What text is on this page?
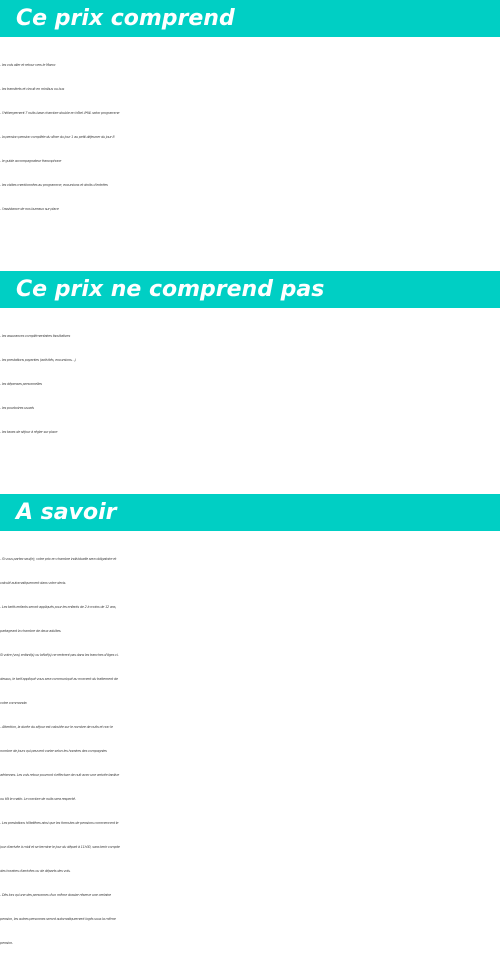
Ce prix comprend
- les vols aller et retour vers le Maroc
- les transferts et circuit en minibus ou bus
- l’hébergement 7 nuits base chambre double en hôtel 4*NL selon programme
- la pension pension complète du dîner du jour 1 au petit-déjeuner du jour 8
- le guide accompagnateur francophone
- les visites mentionnées au programme, excursions et droits d’entrées
- l’assistance de nos bureaux sur place
Ce prix ne comprend pas
- les assurances complémentaires facultatives
- les prestations payantes (activités, excursions…)
- les dépenses personnelles
- les pourboires usuels
- les taxes de séjour à régler sur place
A savoir
- Si vous partez seul(e), votre prix en chambre individuelle sera obligatoire et
calculé automatiquement dans votre devis.
- Les tarifs enfants seront appliqués pour les enfants de 2 à moins de 12 ans,
partageant la chambre de deux adultes.
Si votre (vos) enfant(s) ou bébé(s) ne rentrent pas dans les tranches d'âges ci-
dessus, le tarif appliqué vous sera communiqué au moment du traitement de
votre commande.
- Attention, la durée du séjour est calculée sur le nombre de nuits et non le
nombre de jours qui peuvent varier selon les horaires des compagnies
aériennes. Les vols retour pourront s'effectuer de nuit avec une arrivée tardive
ou tôt le matin. Le nombre de nuits sera respecté.
- Les prestations hôtelières ainsi que les formules de pensions commencent le
jour d'arrivée à midi et se termine le jour du départ à 11h30, sans tenir compte
des horaires d'arrivées ou de départs des vols.
- Dès lors qu'une des personnes d'un même dossier réserve une certaine
pension, les autres personnes seront automatiquement logés sous la même
pension.
